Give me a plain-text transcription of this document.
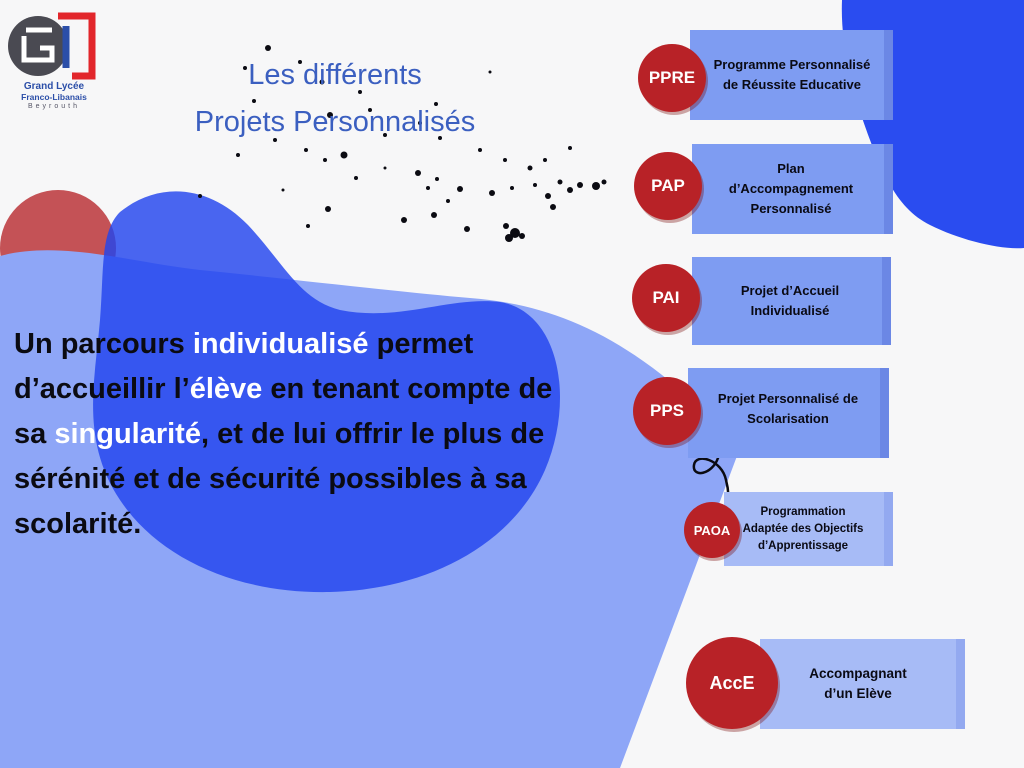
Grand Lycée
Franco-Libanais
Beyrouth
Les différents
Projets Personnalisés
Un parcours individualisé permet d’accueillir l’élève en tenant compte de sa singularité, et de lui offrir le plus de sérénité et de sécurité possibles à sa scolarité.
Programme Personnalisé
de Réussite Educative
PPRE
Plan
d’Accompagnement
Personnalisé
PAP
Projet d’Accueil
Individualisé
PAI
Projet Personnalisé de
Scolarisation
PPS
Programmation
Adaptée des Objectifs
d’Apprentissage
PAOA
Accompagnant
d’un Elève
AccE
